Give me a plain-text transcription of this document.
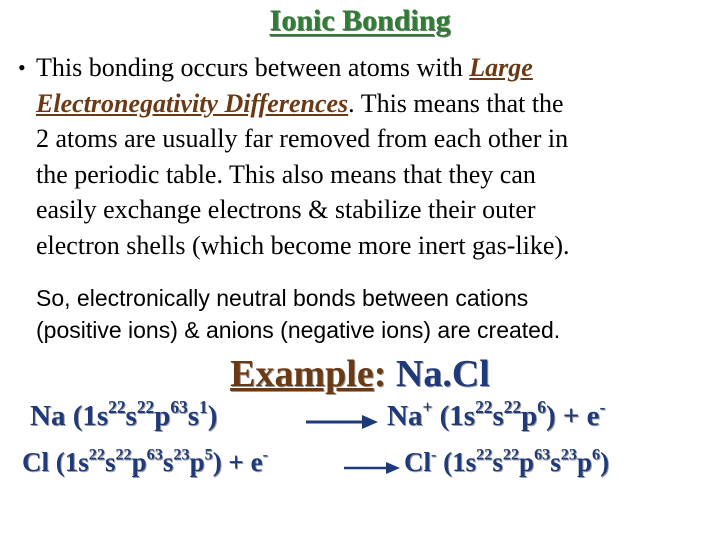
Ionic Bonding
• This bonding occurs between atoms with Large
Electronegativity Differences. This means that the
2 atoms are usually far removed from each other in
the periodic table. This also means that they can
easily exchange electrons & stabilize their outer
electron shells (which become more inert gas-like).
So, electronically neutral bonds between cations
(positive ions) & anions (negative ions) are created.
Example: Na.Cl
Na $(1s^{22}s^{22}p^{63}s^1)$	Na+ $(1s^{22}s^{22}p^6) + e^-$
Cl $(1s^{22}s^{22}p^{63}s^{23}p^5) + e^-$	Cl- $(1s^{22}s^{22}p^{63}s^{23}p^6)$
